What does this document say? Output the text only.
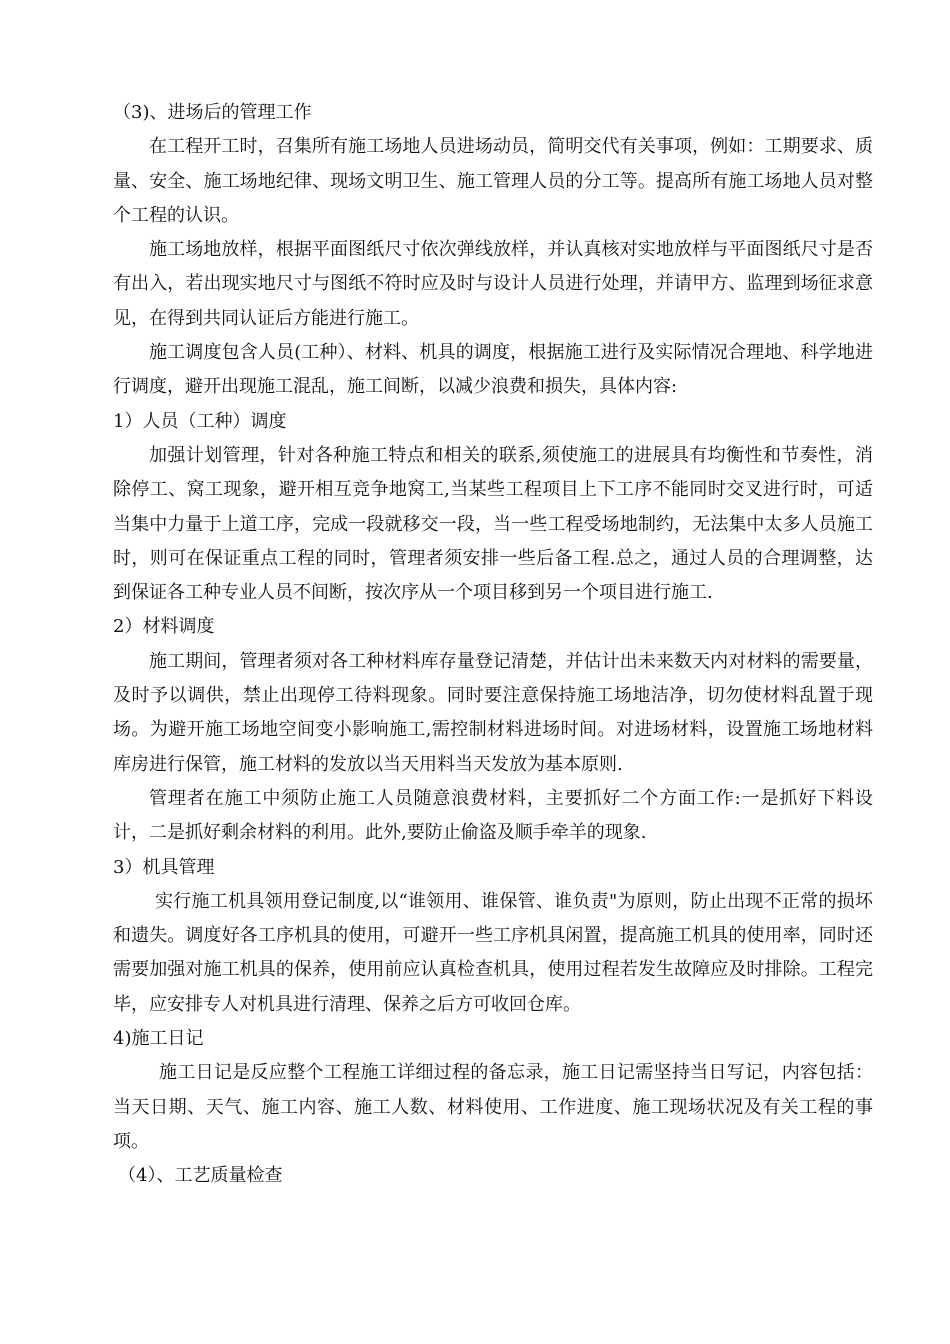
（3)、进场后的管理工作

在工程开工时，召集所有施工场地人员进场动员，简明交代有关事项，例如：工期要求、质量、安全、施工场地纪律、现场文明卫生、施工管理人员的分工等。提高所有施工场地人员对整个工程的认识。

施工场地放样，根据平面图纸尺寸依次弹线放样，并认真核对实地放样与平面图纸尺寸是否有出入，若出现实地尺寸与图纸不符时应及时与设计人员进行处理，并请甲方、监理到场征求意见，在得到共同认证后方能进行施工。

施工调度包含人员(工种）、材料、机具的调度，根据施工进行及实际情况合理地、科学地进行调度，避开出现施工混乱，施工间断，以减少浪费和损失，具体内容:

1）人员（工种）调度

加强计划管理，针对各种施工特点和相关的联系,须使施工的进展具有均衡性和节奏性，消除停工、窝工现象，避开相互竞争地窝工,当某些工程项目上下工序不能同时交叉进行时，可适当集中力量于上道工序，完成一段就移交一段，当一些工程受场地制约，无法集中太多人员施工时，则可在保证重点工程的同时，管理者须安排一些后备工程.总之，通过人员的合理调整，达到保证各工种专业人员不间断，按次序从一个项目移到另一个项目进行施工.

2）材料调度

施工期间，管理者须对各工种材料库存量登记清楚，并估计出未来数天内对材料的需要量，及时予以调供，禁止出现停工待料现象。同时要注意保持施工场地洁净，切勿使材料乱置于现场。为避开施工场地空间变小影响施工,需控制材料进场时间。对进场材料，设置施工场地材料库房进行保管，施工材料的发放以当天用料当天发放为基本原则.

管理者在施工中须防止施工人员随意浪费材料，主要抓好二个方面工作:一是抓好下料设计，二是抓好剩余材料的利用。此外,要防止偷盗及顺手牵羊的现象.

3）机具管理

实行施工机具领用登记制度,以“谁领用、谁保管、谁负责"为原则，防止出现不正常的损坏和遗失。调度好各工序机具的使用，可避开一些工序机具闲置，提高施工机具的使用率，同时还需要加强对施工机具的保养，使用前应认真检查机具，使用过程若发生故障应及时排除。工程完毕，应安排专人对机具进行清理、保养之后方可收回仓库。

4)施工日记

施工日记是反应整个工程施工详细过程的备忘录，施工日记需坚持当日写记，内容包括：当天日期、天气、施工内容、施工人数、材料使用、工作进度、施工现场状况及有关工程的事项。

（4）、工艺质量检查
